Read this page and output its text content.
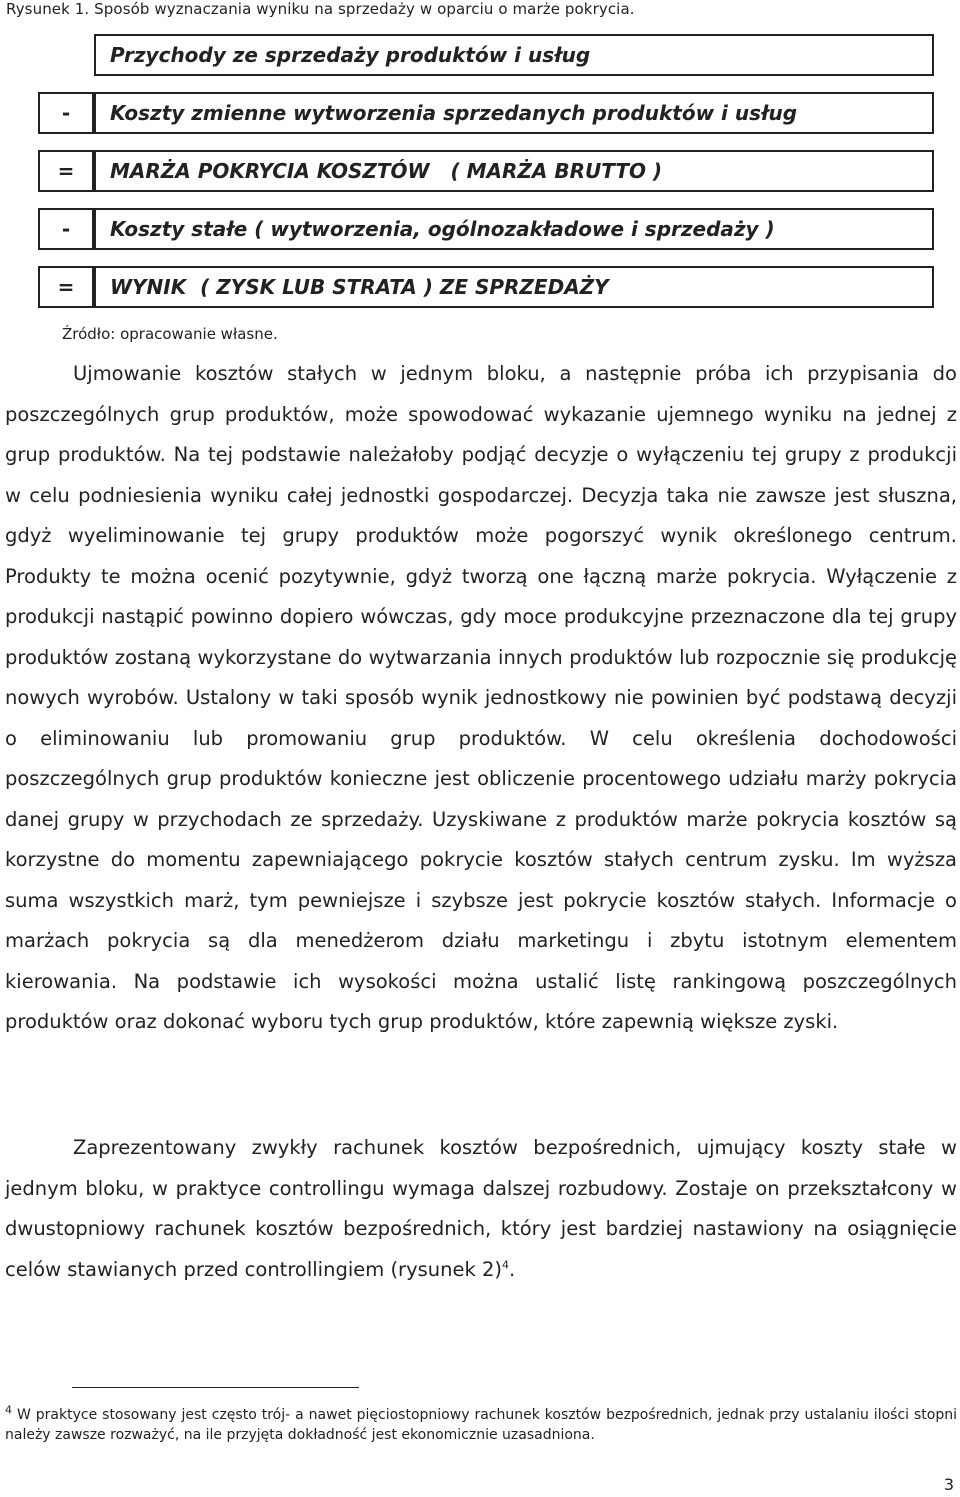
Rysunek 1. Sposób wyznaczania wyniku na sprzedaży w oparciu o marże pokrycia.
Przychody ze sprzedaży produktów i usług
-	Koszty zmienne wytworzenia sprzedanych produktów i usług
=	MARŻA POKRYCIA KOSZTÓW   ( MARŻA BRUTTO )
-	Koszty stałe ( wytworzenia, ogólnozakładowe i sprzedaży )
=	WYNIK  ( ZYSK LUB STRATA ) ZE SPRZEDAŻY
Źródło: opracowanie własne.

Ujmowanie kosztów stałych w jednym bloku, a następnie próba ich przypisania do poszczególnych grup produktów, może spowodować wykazanie ujemnego wyniku na jednej z grup produktów. Na tej podstawie należałoby podjąć decyzje o wyłączeniu tej grupy z produkcji w celu podniesienia wyniku całej jednostki gospodarczej. Decyzja taka nie zawsze jest słuszna, gdyż wyeliminowanie tej grupy produktów może pogorszyć wynik określonego centrum. Produkty te można ocenić pozytywnie, gdyż tworzą one łączną marże pokrycia. Wyłączenie z produkcji nastąpić powinno dopiero wówczas, gdy moce produkcyjne przeznaczone dla tej grupy produktów zostaną wykorzystane do wytwarzania innych produktów lub rozpocznie się produkcję nowych wyrobów. Ustalony w taki sposób wynik jednostkowy nie powinien być podstawą decyzji o eliminowaniu lub promowaniu grup produktów. W celu określenia dochodowości poszczególnych grup produktów konieczne jest obliczenie procentowego udziału marży pokrycia danej grupy w przychodach ze sprzedaży. Uzyskiwane z produktów marże pokrycia kosztów są korzystne do momentu zapewniającego pokrycie kosztów stałych centrum zysku. Im wyższa suma wszystkich marż, tym pewniejsze i szybsze jest pokrycie kosztów stałych. Informacje o marżach pokrycia są dla menedżerom działu marketingu i zbytu istotnym elementem kierowania. Na podstawie ich wysokości można ustalić listę rankingową poszczególnych produktów oraz dokonać wyboru tych grup produktów, które zapewnią większe zyski.

Zaprezentowany zwykły rachunek kosztów bezpośrednich, ujmujący koszty stałe w jednym bloku, w praktyce controllingu wymaga dalszej rozbudowy. Zostaje on przekształcony w dwustopniowy rachunek kosztów bezpośrednich, który jest bardziej nastawiony na osiągnięcie celów stawianych przed controllingiem (rysunek 2)$^4$.

$^4$ W praktyce stosowany jest często trój- a nawet pięciostopniowy rachunek kosztów bezpośrednich, jednak przy ustalaniu ilości stopni należy zawsze rozważyć, na ile przyjęta dokładność jest ekonomicznie uzasadniona.

3
